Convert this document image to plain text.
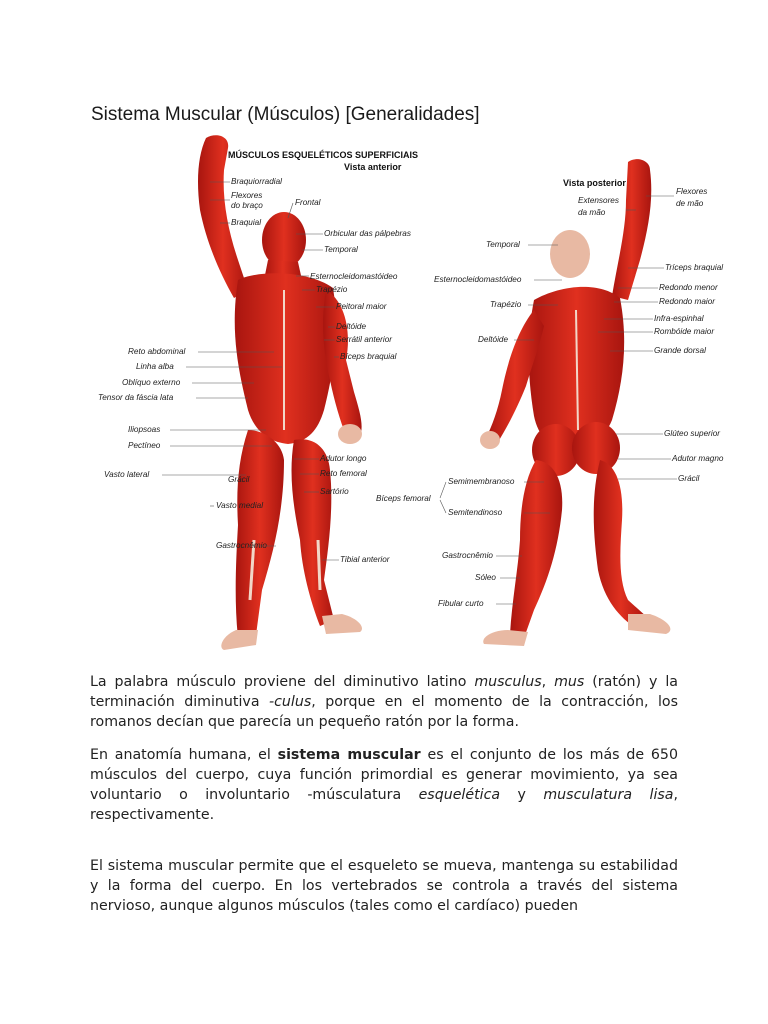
Sistema Muscular (Músculos) [Generalidades]
MÚSCULOS ESQUELÉTICOS SUPERFICIAIS
Vista anterior
Braquiorradial
Flexores
do braço	Frontal
Braquial
Orbicular das pálpebras
Temporal
Esternocleidomastóideo
Trapézio
Peitoral maior
Deltóide
Serrátil anterior
Bíceps braquial
Reto abdominal
Linha alba
Oblíquo externo
Tensor da fáscia lata
Iliopsoas
Pectíneo
Adutor longo
Reto femoral
Vasto lateral
Grácil
Sartório
Vasto medial
Gastrocnêmio
Tibial anterior
Vista posterior
Flexores
de mão
Extensores
da mão
Temporal
Tríceps braquial
Redondo menor
Esternocleidomastóideo
Redondo maior
Trapézio
Infra-espinhal
Rombóide maior
Deltóide
Grande dorsal
Glúteo superior
Adutor magno
Grácil
Semimembranoso
Bíceps femoral
Semitendinoso
Gastrocnêmio
Sóleo
Fibular curto

La palabra músculo proviene del diminutivo latino musculus, mus (ratón) y la terminación diminutiva -culus, porque en el momento de la contracción, los romanos decían que parecía un pequeño ratón por la forma.

En anatomía humana, el sistema muscular es el conjunto de los más de 650 músculos del cuerpo, cuya función primordial es generar movimiento, ya sea voluntario o involuntario -músculatura esquelética y musculatura lisa, respectivamente.

El sistema muscular permite que el esqueleto se mueva, mantenga su estabilidad y la forma del cuerpo. En los vertebrados se controla a través del sistema nervioso, aunque algunos músculos (tales como el cardíaco) pueden
